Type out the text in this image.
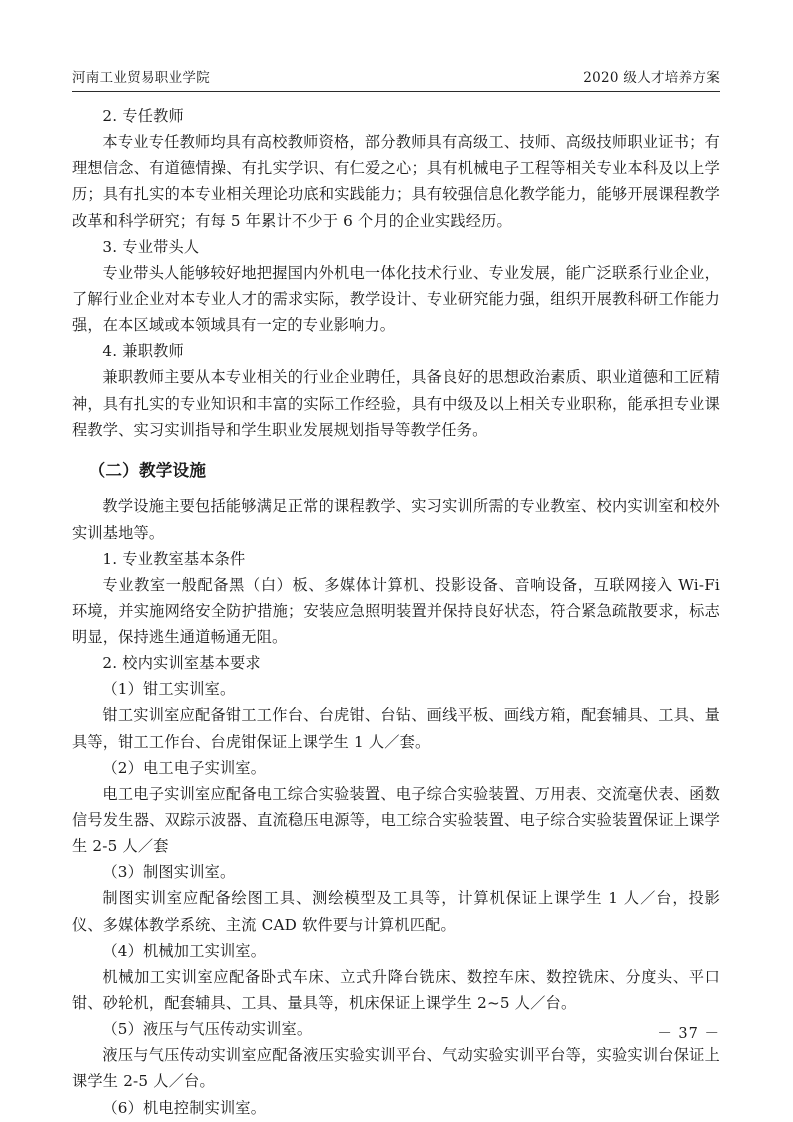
河南工业贸易职业学院	2020 级人才培养方案

2. 专任教师

本专业专任教师均具有高校教师资格，部分教师具有高级工、技师、高级技师职业证书；有理想信念、有道德情操、有扎实学识、有仁爱之心；具有机械电子工程等相关专业本科及以上学历；具有扎实的本专业相关理论功底和实践能力；具有较强信息化教学能力，能够开展课程教学改革和科学研究；有每 5 年累计不少于 6 个月的企业实践经历。

3. 专业带头人

专业带头人能够较好地把握国内外机电一体化技术行业、专业发展，能广泛联系行业企业，了解行业企业对本专业人才的需求实际，教学设计、专业研究能力强，组织开展教科研工作能力强，在本区域或本领域具有一定的专业影响力。

4. 兼职教师

兼职教师主要从本专业相关的行业企业聘任，具备良好的思想政治素质、职业道德和工匠精神，具有扎实的专业知识和丰富的实际工作经验，具有中级及以上相关专业职称，能承担专业课程教学、实习实训指导和学生职业发展规划指导等教学任务。

（二）教学设施

教学设施主要包括能够满足正常的课程教学、实习实训所需的专业教室、校内实训室和校外实训基地等。

1. 专业教室基本条件

专业教室一般配备黑（白）板、多媒体计算机、投影设备、音响设备，互联网接入 Wi-Fi 环境，并实施网络安全防护措施；安装应急照明装置并保持良好状态，符合紧急疏散要求，标志明显，保持逃生通道畅通无阻。

2. 校内实训室基本要求

（1）钳工实训室。

钳工实训室应配备钳工工作台、台虎钳、台钻、画线平板、画线方箱，配套辅具、工具、量具等，钳工工作台、台虎钳保证上课学生 1 人／套。

（2）电工电子实训室。

电工电子实训室应配备电工综合实验装置、电子综合实验装置、万用表、交流毫伏表、函数信号发生器、双踪示波器、直流稳压电源等，电工综合实验装置、电子综合实验装置保证上课学生 2-5 人／套

（3）制图实训室。

制图实训室应配备绘图工具、测绘模型及工具等，计算机保证上课学生 1 人／台，投影仪、多媒体教学系统、主流 CAD 软件要与计算机匹配。

（4）机械加工实训室。

机械加工实训室应配备卧式车床、立式升降台铣床、数控车床、数控铣床、分度头、平口钳、砂轮机，配套辅具、工具、量具等，机床保证上课学生 2~5 人／台。

（5）液压与气压传动实训室。

液压与气压传动实训室应配备液压实验实训平台、气动实验实训平台等，实验实训台保证上课学生 2-5 人／台。

（6）机电控制实训室。

－ 37 －
